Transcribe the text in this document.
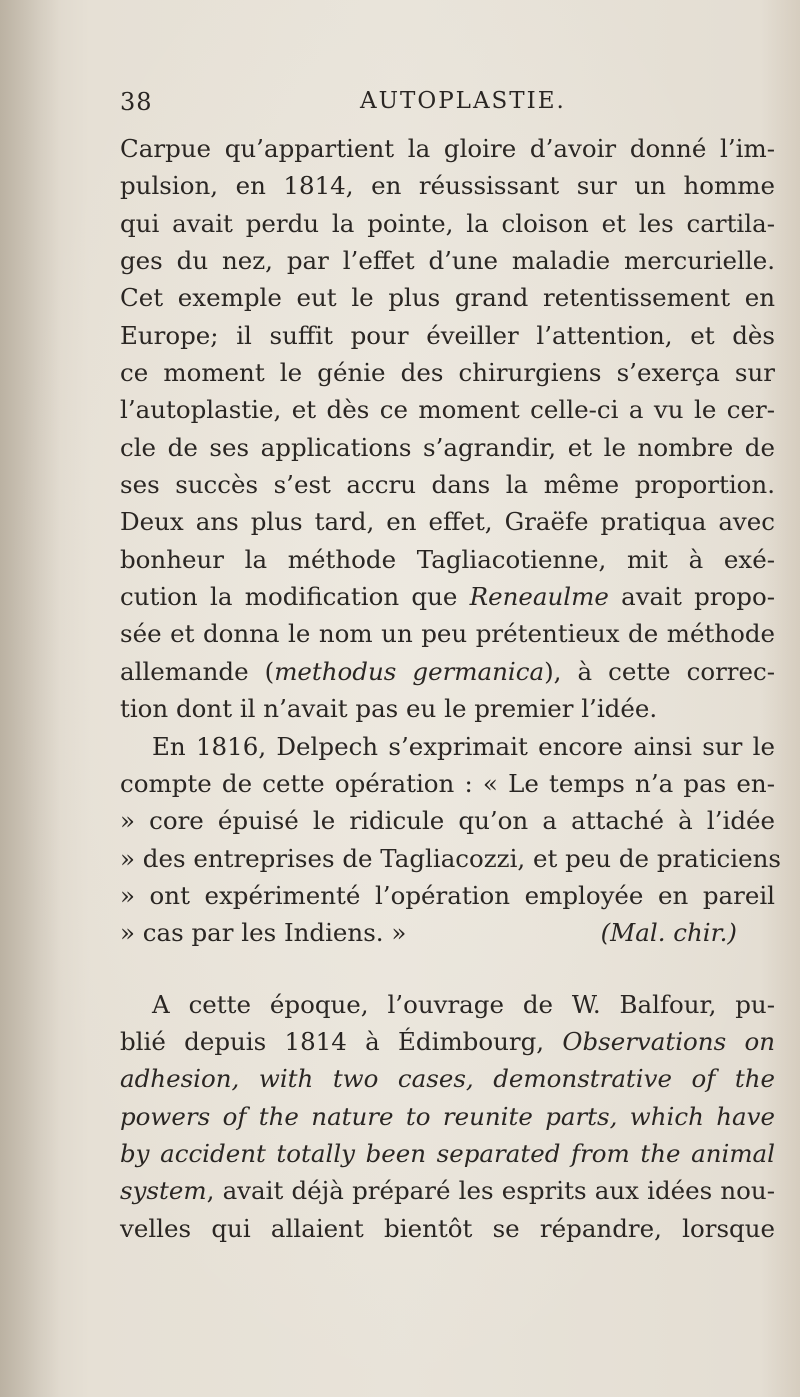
38	AUTOPLASTIE.
Carpue qu’appartient la gloire d’avoir donné l’im-
pulsion, en 1814, en réussissant sur un homme
qui avait perdu la pointe, la cloison et les cartila-
ges du nez, par l’effet d’une maladie mercurielle.
Cet exemple eut le plus grand retentissement en
Europe; il suffit pour éveiller l’attention, et dès
ce moment le génie des chirurgiens s’exerça sur
l’autoplastie, et dès ce moment celle-ci a vu le cer-
cle de ses applications s’agrandir, et le nombre de
ses succès s’est accru dans la même proportion.
Deux ans plus tard, en effet, Graëfe pratiqua avec
bonheur la méthode Tagliacotienne, mit à exé-
cution la modification que Reneaulme avait propo-
sée et donna le nom un peu prétentieux de méthode
allemande (methodus germanica), à cette correc-
tion dont il n’avait pas eu le premier l’idée.
En 1816, Delpech s’exprimait encore ainsi sur le
compte de cette opération : « Le temps n’a pas en-
» core épuisé le ridicule qu’on a attaché à l’idée
» des entreprises de Tagliacozzi, et peu de praticiens
» ont expérimenté l’opération employée en pareil
» cas par les Indiens. »	(Mal. chir.)
A cette époque, l’ouvrage de W. Balfour, pu-
blié depuis 1814 à Édimbourg, Observations on
adhesion, with two cases, demonstrative of the
powers of the nature to reunite parts, which have
by accident totally been separated from the animal
system, avait déjà préparé les esprits aux idées nou-
velles qui allaient bientôt se répandre, lorsque
